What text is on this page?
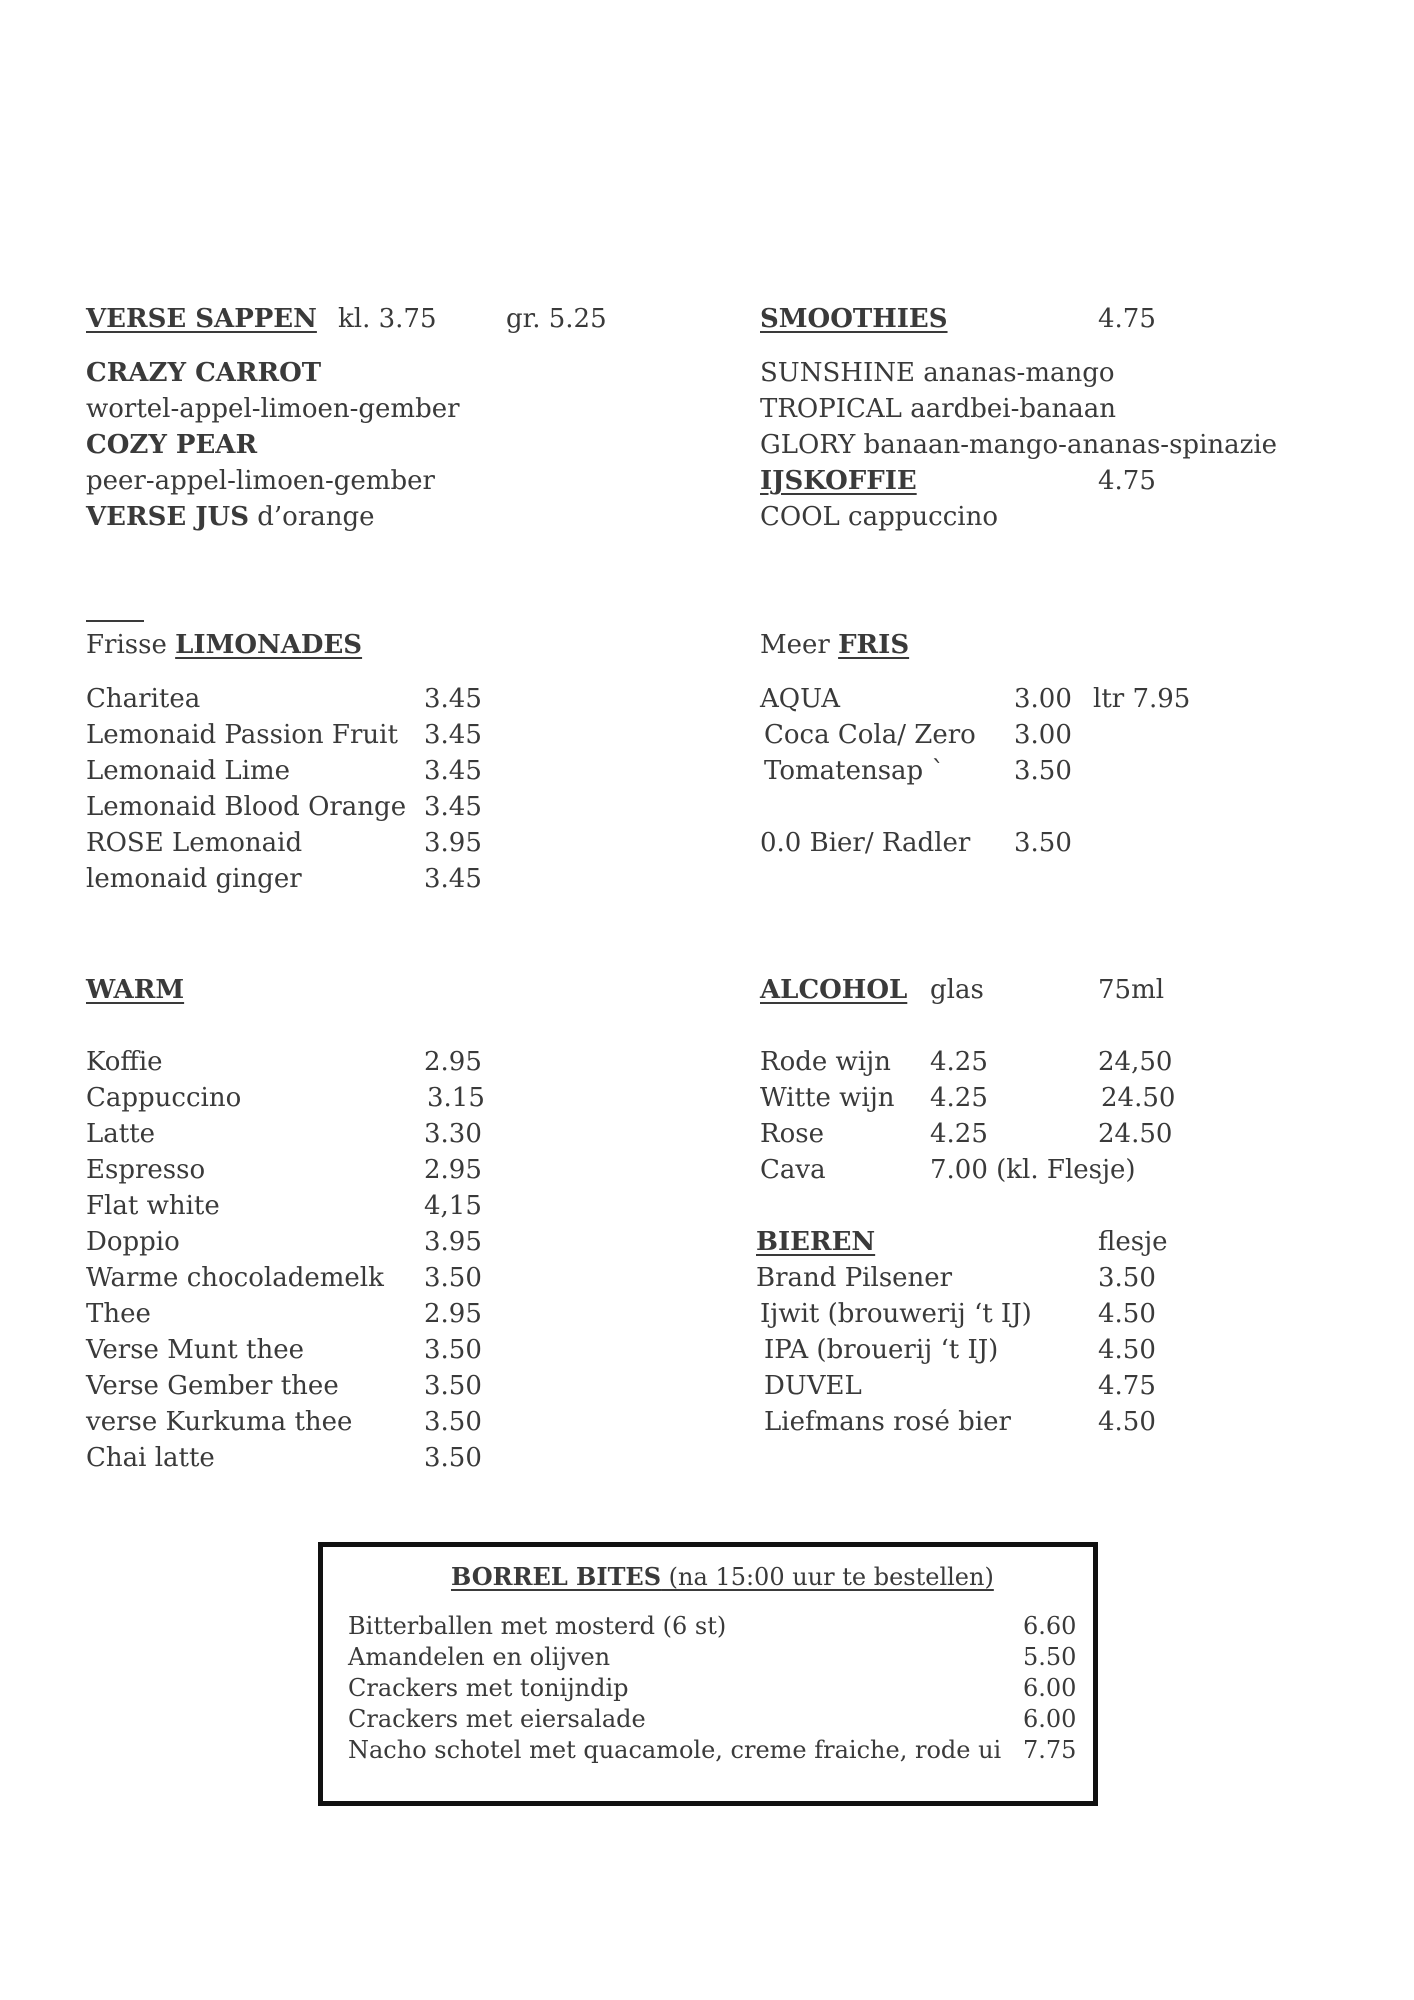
VERSE SAPPEN kl. 3.75	gr. 5.25
CRAZY CARROT
wortel-appel-limoen-gember
COZY PEAR
peer-appel-limoen-gember
VERSE JUS d’orange
SMOOTHIES	4.75
SUNSHINE ananas-mango
TROPICAL aardbei-banaan
GLORY banaan-mango-ananas-spinazie
IJSKOFFIE	4.75
COOL cappuccino
Frisse LIMONADES
Charitea	3.45
Lemonaid Passion Fruit 3.45
Lemonaid Lime	3.45
Lemonaid Blood Orange 3.45
ROSE Lemonaid	3.95
lemonaid ginger	3.45
Meer FRIS
AQUA	3.00 ltr 7.95
Coca Cola/ Zero 3.00
Tomatensap `	3.50
0.0 Bier/ Radler 3.50
WARM
Koffie	2.95
Cappuccino	3.15
Latte	3.30
Espresso	2.95
Flat white	4,15
Doppio	3.95
Warme chocolademelk 3.50
Thee	2.95
Verse Munt thee	3.50
Verse Gember thee	3.50
verse Kurkuma thee	3.50
Chai latte	3.50
ALCOHOL glas	75ml
Rode wijn 4.25	24,50
Witte wijn 4.25	24.50
Rose	4.25	24.50
Cava	7.00 (kl. Flesje)
BIEREN	flesje
Brand Pilsener	3.50
Ijwit (brouwerij ‘t IJ)	4.50
IPA (brouerij ‘t IJ)	4.50
DUVEL	4.75
Liefmans rosé bier	4.50
BORREL BITES (na 15:00 uur te bestellen)
Bitterballen met mosterd (6 st)	6.60
Amandelen en olijven	5.50
Crackers met tonijndip	6.00
Crackers met eiersalade	6.00
Nacho schotel met quacamole, creme fraiche, rode ui 7.75
